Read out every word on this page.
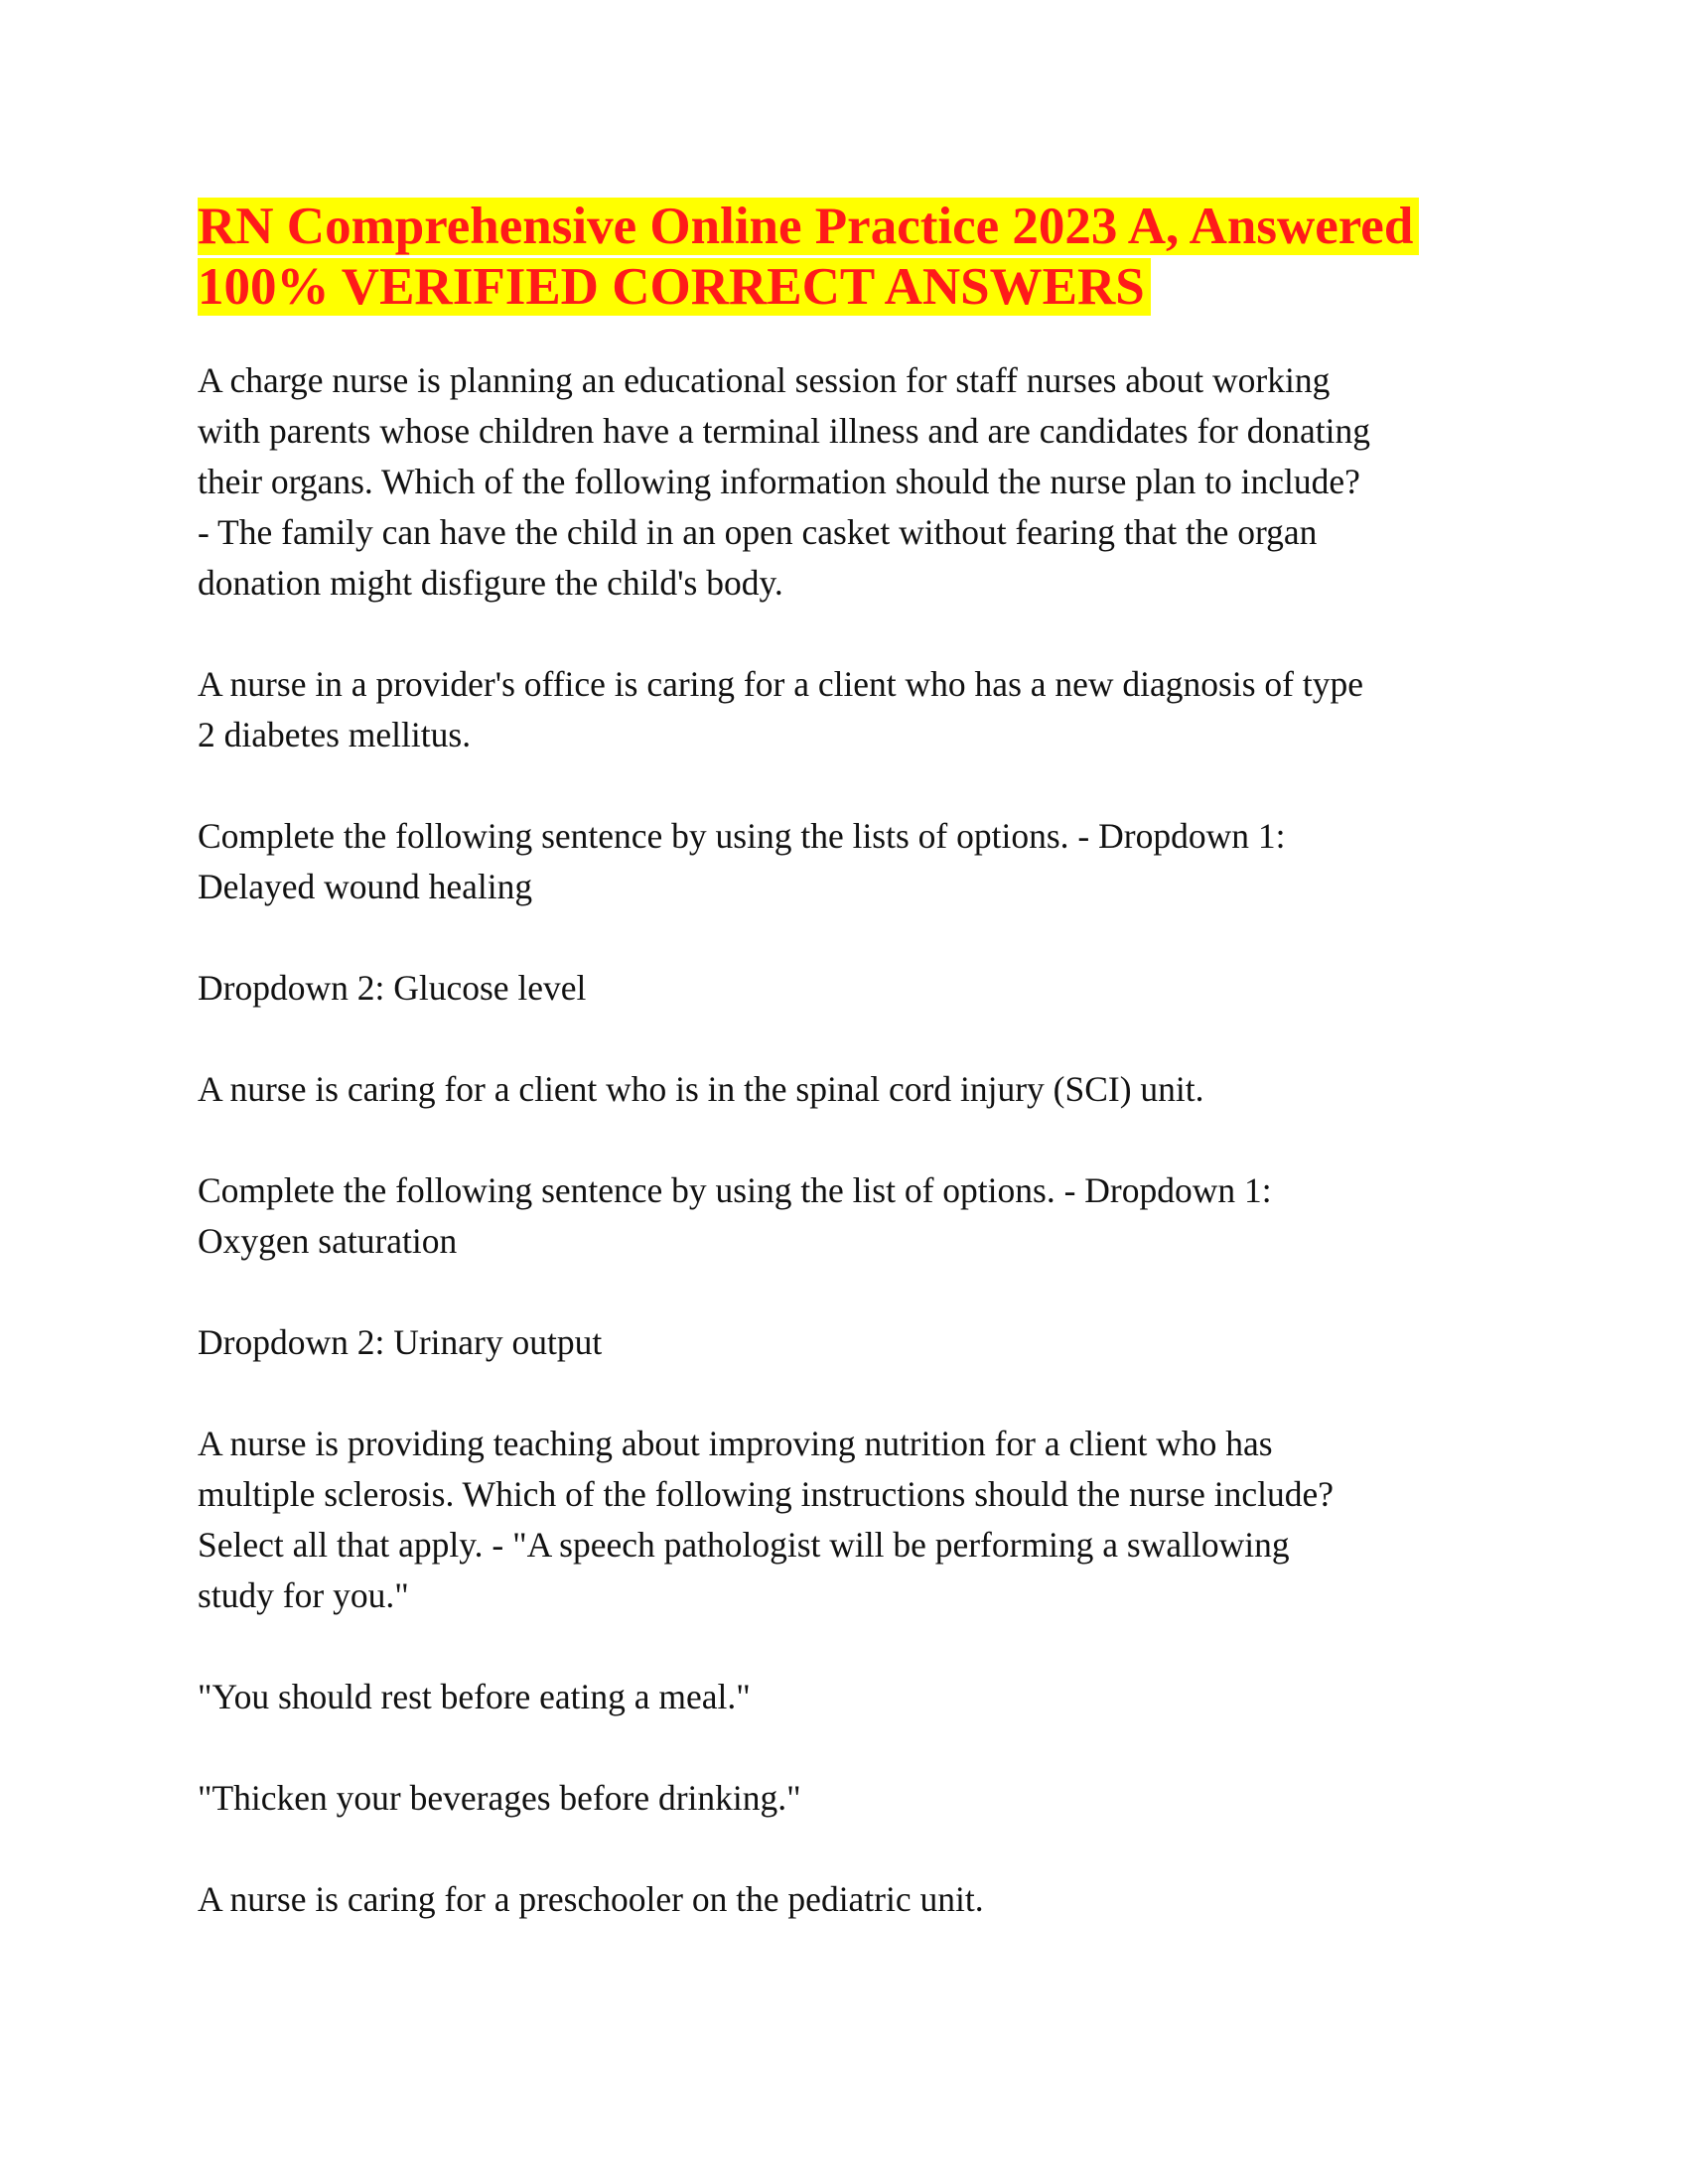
RN Comprehensive Online Practice 2023 A, Answered
100% VERIFIED CORRECT ANSWERS

A charge nurse is planning an educational session for staff nurses about working
with parents whose children have a terminal illness and are candidates for donating
their organs. Which of the following information should the nurse plan to include?
- The family can have the child in an open casket without fearing that the organ
donation might disfigure the child's body.

A nurse in a provider's office is caring for a client who has a new diagnosis of type
2 diabetes mellitus.

Complete the following sentence by using the lists of options. - Dropdown 1:
Delayed wound healing

Dropdown 2: Glucose level

A nurse is caring for a client who is in the spinal cord injury (SCI) unit.

Complete the following sentence by using the list of options. - Dropdown 1:
Oxygen saturation

Dropdown 2: Urinary output

A nurse is providing teaching about improving nutrition for a client who has
multiple sclerosis. Which of the following instructions should the nurse include?
Select all that apply. - "A speech pathologist will be performing a swallowing
study for you."

"You should rest before eating a meal."

"Thicken your beverages before drinking."

A nurse is caring for a preschooler on the pediatric unit.
